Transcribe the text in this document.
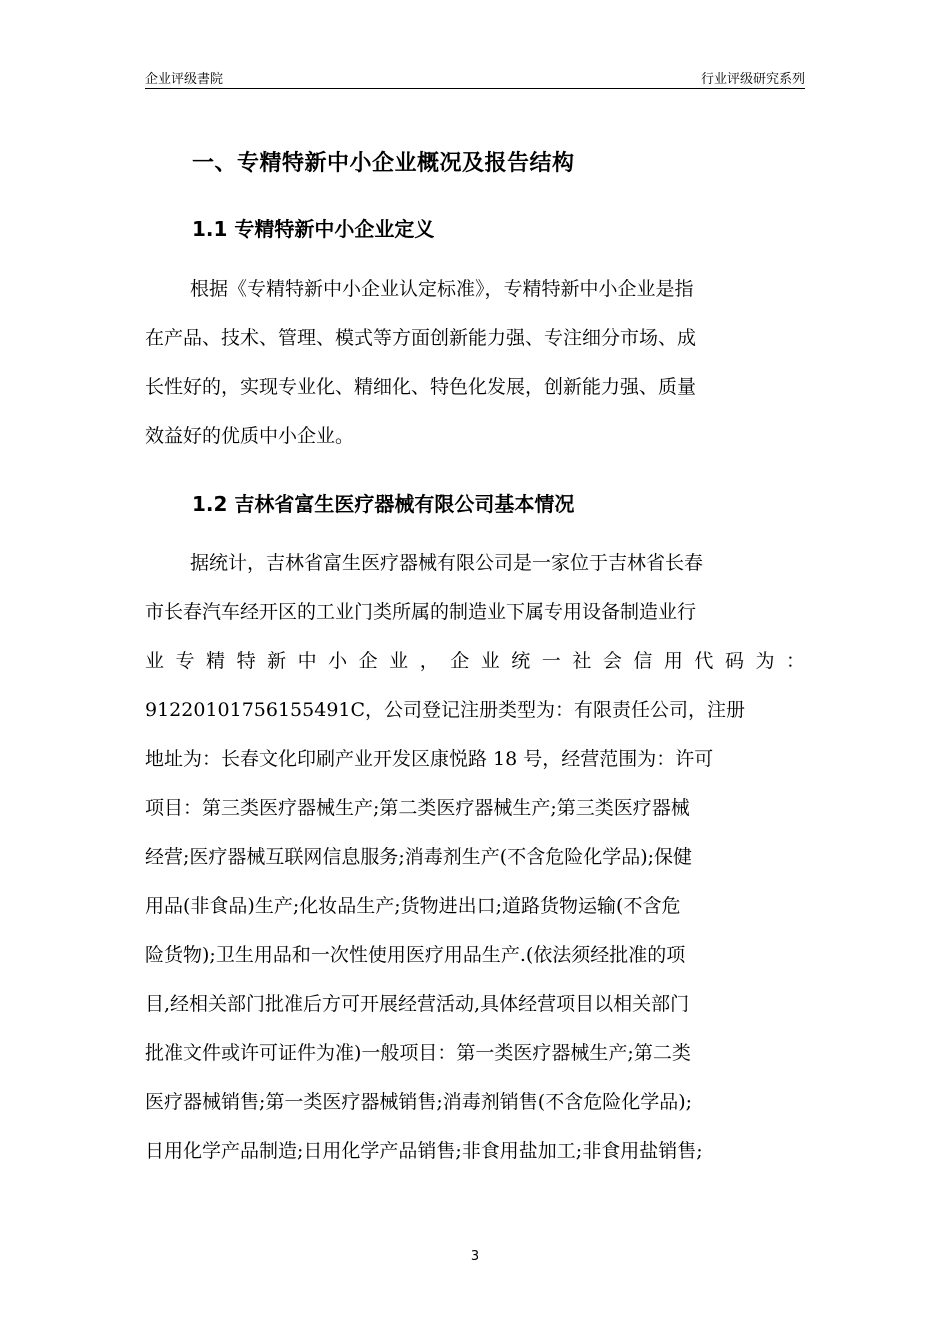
企业评级書院	行业评级研究系列
一、专精特新中小企业概况及报告结构
1.1 专精特新中小企业定义
根据《专精特新中小企业认定标准》，专精特新中小企业是指
在产品、技术、管理、模式等方面创新能力强、专注细分市场、成
长性好的，实现专业化、精细化、特色化发展，创新能力强、质量
效益好的优质中小企业。
1.2 吉林省富生医疗器械有限公司基本情况
据统计，吉林省富生医疗器械有限公司是一家位于吉林省长春
市长春汽车经开区的工业门类所属的制造业下属专用设备制造业行
业 专 精 特 新 中 小 企 业 ， 企 业 统 一 社 会 信 用 代 码 为 ：
91220101756155491C，公司登记注册类型为：有限责任公司，注册
地址为：长春文化印刷产业开发区康悦路 18 号，经营范围为：许可
项目：第三类医疗器械生产;第二类医疗器械生产;第三类医疗器械
经营;医疗器械互联网信息服务;消毒剂生产(不含危险化学品);保健
用品(非食品)生产;化妆品生产;货物进出口;道路货物运输(不含危
险货物);卫生用品和一次性使用医疗用品生产.(依法须经批准的项
目,经相关部门批准后方可开展经营活动,具体经营项目以相关部门
批准文件或许可证件为准)一般项目：第一类医疗器械生产;第二类
医疗器械销售;第一类医疗器械销售;消毒剂销售(不含危险化学品);
日用化学产品制造;日用化学产品销售;非食用盐加工;非食用盐销售;
3
